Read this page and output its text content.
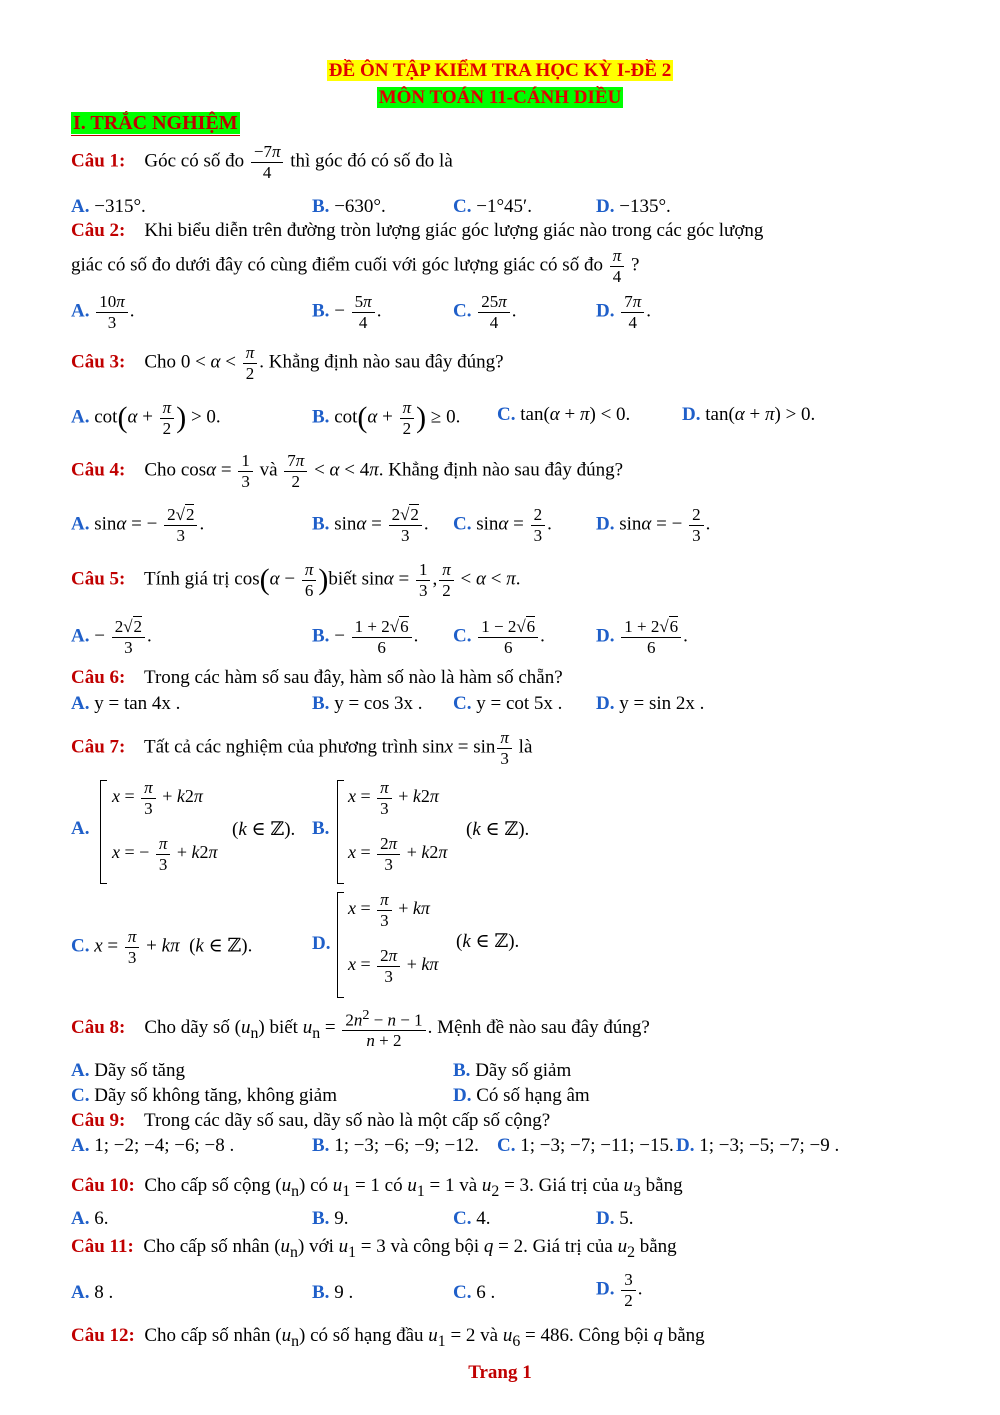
ĐỀ ÔN TẬP KIỂM TRA HỌC KỲ I-ĐỀ 2
MÔN TOÁN 11-CÁNH DIỀU
I. TRẮC NGHIỆM
Câu 1: Góc có số đo $\frac{-7\pi}{4}$ thì góc đó có số đo là
A. −315°.	B. −630°.	C. −1°45′.	D. −135°.
Câu 2: Khi biểu diễn trên đường tròn lượng giác góc lượng giác nào trong các góc lượng
giác có số đo dưới đây có cùng điểm cuối với góc lượng giác có số đo $\frac{\pi}{4}$ ?
A. $\frac{10\pi}{3}$ .	B. − $\frac{5\pi}{4}$ .	C. $\frac{25\pi}{4}$ .	D. $\frac{7\pi}{4}$ .
Câu 3: Cho $0 < \alpha < \frac{\pi}{2}$ . Khẳng định nào sau đây đúng?
A. $\cot(\alpha + \frac{\pi}{2}$ ) > 0.	B. $\cot(\alpha + \frac{\pi}{2}$ ) ≥ 0. C. tan(α + π) < 0.	D. tan(α + π) > 0.
Câu 4: Cho $\cos\alpha = \frac{1}{3}$ và $\frac{7\pi}{2} < \alpha < 4\pi$. Khẳng định nào sau đây đúng?
A. sinα = − $\frac{2√2}{3}$ .	B. $\sin\alpha = \frac{2√2}{3}$ . C. $\sin\alpha = \frac{2}{3}$ . D. sinα = − $\frac{2}{3}$ .
Câu 5: Tính giá trị $\cos(\alpha - \frac{\pi}{6}$ )biết $\sin\alpha = \frac{1}{3}$ , $\frac{\pi}{2} < \alpha < \pi$.
A. − $\frac{2√2}{3}$ .	B. − $\frac{1 + 2√6}{6}$ . C. $\frac{1 - 2√6}{6}$ .	D. $\frac{1 + 2√6}{6}$ .
Câu 6: Trong các hàm số sau đây, hàm số nào là hàm số chẵn?
A. y = tan 4x .	B. y = cos 3x . C. y = cot 5x . D. y = sin 2x .
Câu 7: Tất cả các nghiệm của phương trình $\sin x = \sin \frac{\pi}{3}$ là
A.
$x = \frac{\pi}{3} + k2\pi$
x = − $\frac{\pi}{3} + k2\pi$
(k ∈ ℤ). B.
$x = \frac{\pi}{3} + k2\pi$
$x = \frac{2\pi}{3} + k2\pi$
(k ∈ ℤ).
C. $x = \frac{\pi}{3} + k\pi$  (k ∈ ℤ).	D.
$x = \frac{\pi}{3} + k\pi$
$x = \frac{2\pi}{3} + k\pi$
(k ∈ ℤ).
Câu 8: Cho dãy số $(u_n)$ biết $u_n = \frac{2n^2 - n - 1}{n + 2}$ . Mệnh đề nào sau đây đúng?
A. Dãy số tăng	B. Dãy số giảm
C. Dãy số không tăng, không giảm	D. Có số hạng âm
Câu 9: Trong các dãy số sau, dãy số nào là một cấp số cộng?
A. 1; −2; −4; −6; −8 .	B. 1; −3; −6; −9; −12. C. 1; −3; −7; −11; −15. D. 1; −3; −5; −7; −9 .
Câu 10: Cho cấp số cộng $(u_n)$ có $u_1 = 1$ có $u_1 = 1$ và $u_2 = 3$. Giá trị của $u_3$ bằng
A. 6.	B. 9.	C. 4.	D. 5.
Câu 11: Cho cấp số nhân $(u_n)$ với $u_1 = 3$ và công bội q = 2. Giá trị của $u_2$ bằng
A. 8 .	B. 9 .	C. 6 .	D. $\frac{3}{2}$ .
Câu 12: Cho cấp số nhân $(u_n)$ có số hạng đầu $u_1 = 2$ và $u_6 = 486$. Công bội q bằng
Trang 1
